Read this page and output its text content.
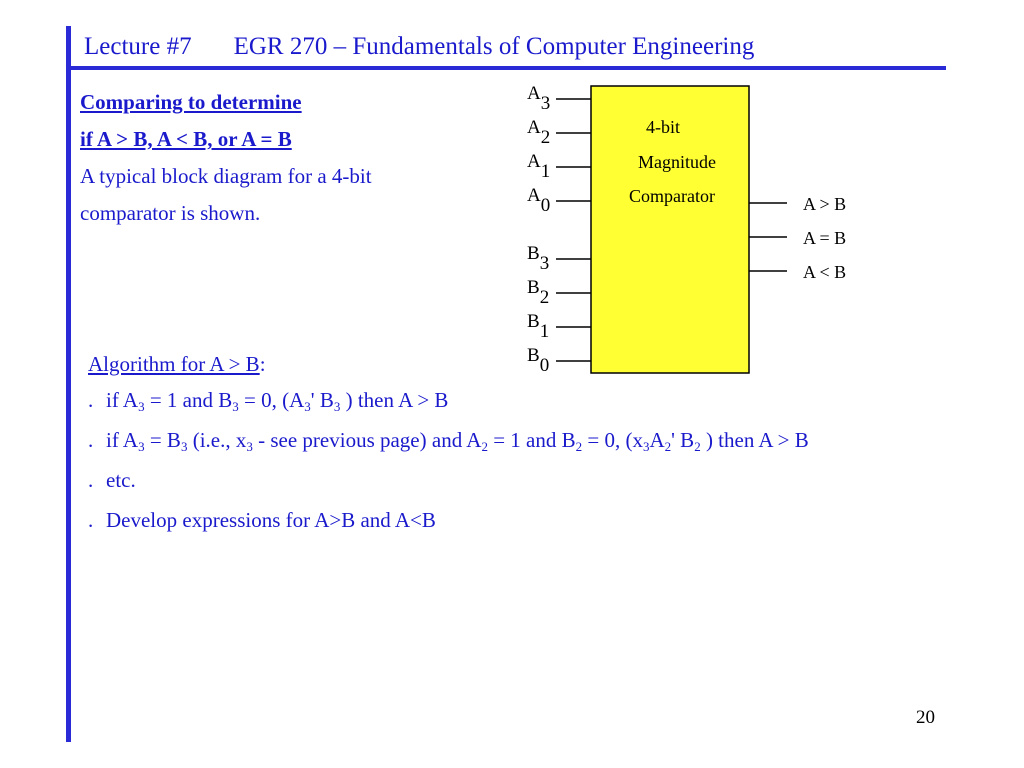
Lecture #7 EGR 270 – Fundamentals of Computer Engineering
Comparing to determine
if A > B, A < B, or A = B
A typical block diagram for a 4-bit
comparator is shown.
4-bit
Magnitude
Comparator
A3
A2
A1
A0
B3
B2
B1
B0
A > B
A = B
A < B
Algorithm for A > B:
. if $A_3 = 1$ and $B_3 = 0$, ($A_3'$ $B_3$ ) then A > B
. if $A_3 = B_3$ (i.e., $x_3$ - see previous page) and $A_2 = 1$ and $B_2 = 0$, ($x_3A_2'$ $B_2$ ) then A > B
. etc.
. Develop expressions for A>B and A<B
20
